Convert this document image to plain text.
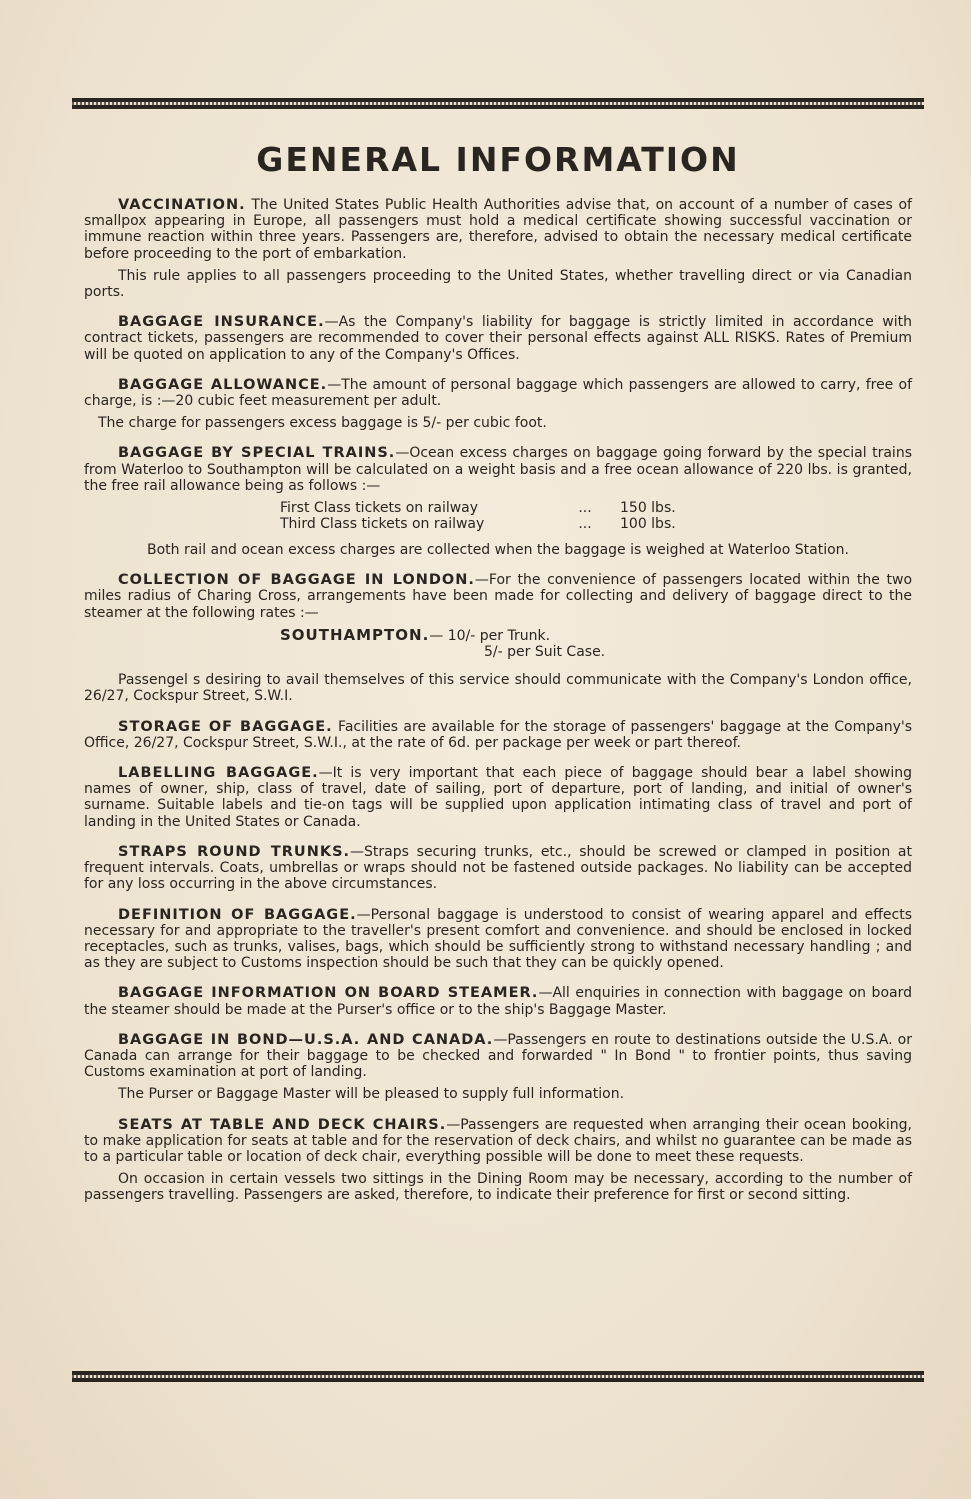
GENERAL INFORMATION

VACCINATION. The United States Public Health Authorities advise that, on account of a number of cases of smallpox appearing in Europe, all passengers must hold a medical certificate showing successful vaccination or immune reaction within three years. Passengers are, therefore, advised to obtain the necessary medical certificate before proceeding to the port of embarkation.

This rule applies to all passengers proceeding to the United States, whether travelling direct or via Canadian ports.

BAGGAGE INSURANCE.—As the Company's liability for baggage is strictly limited in accordance with contract tickets, passengers are recommended to cover their personal effects against ALL RISKS. Rates of Premium will be quoted on application to any of the Company's Offices.

BAGGAGE ALLOWANCE.—The amount of personal baggage which passengers are allowed to carry, free of charge, is :—20 cubic feet measurement per adult.

The charge for passengers excess baggage is 5/- per cubic foot.

BAGGAGE BY SPECIAL TRAINS.—Ocean excess charges on baggage going forward by the special trains from Waterloo to Southampton will be calculated on a weight basis and a free ocean allowance of 220 lbs. is granted, the free rail allowance being as follows :—

First Class tickets on railway	...	150 lbs.
Third Class tickets on railway	...	100 lbs.

Both rail and ocean excess charges are collected when the baggage is weighed at Waterloo Station.

COLLECTION OF BAGGAGE IN LONDON.—For the convenience of passengers located within the two miles radius of Charing Cross, arrangements have been made for collecting and delivery of baggage direct to the steamer at the following rates :—

SOUTHAMPTON.— 10/- per Trunk.
5/- per Suit Case.

Passengel s desiring to avail themselves of this service should communicate with the Company's London office, 26/27, Cockspur Street, S.W.I.

STORAGE OF BAGGAGE. Facilities are available for the storage of passengers' baggage at the Company's Office, 26/27, Cockspur Street, S.W.I., at the rate of 6d. per package per week or part thereof.

LABELLING BAGGAGE.—It is very important that each piece of baggage should bear a label showing names of owner, ship, class of travel, date of sailing, port of departure, port of landing, and initial of owner's surname. Suitable labels and tie-on tags will be supplied upon application intimating class of travel and port of landing in the United States or Canada.

STRAPS ROUND TRUNKS.—Straps securing trunks, etc., should be screwed or clamped in position at frequent intervals. Coats, umbrellas or wraps should not be fastened outside packages. No liability can be accepted for any loss occurring in the above circumstances.

DEFINITION OF BAGGAGE.—Personal baggage is understood to consist of wearing apparel and effects necessary for and appropriate to the traveller's present comfort and convenience. and should be enclosed in locked receptacles, such as trunks, valises, bags, which should be sufficiently strong to withstand necessary handling ; and as they are subject to Customs inspection should be such that they can be quickly opened.

BAGGAGE INFORMATION ON BOARD STEAMER.—All enquiries in connection with baggage on board the steamer should be made at the Purser's office or to the ship's Baggage Master.

BAGGAGE IN BOND—U.S.A. AND CANADA.—Passengers en route to destinations outside the U.S.A. or Canada can arrange for their baggage to be checked and forwarded " In Bond " to frontier points, thus saving Customs examination at port of landing.

The Purser or Baggage Master will be pleased to supply full information.

SEATS AT TABLE AND DECK CHAIRS.—Passengers are requested when arranging their ocean booking, to make application for seats at table and for the reservation of deck chairs, and whilst no guarantee can be made as to a particular table or location of deck chair, everything possible will be done to meet these requests.

On occasion in certain vessels two sittings in the Dining Room may be necessary, according to the number of passengers travelling. Passengers are asked, therefore, to indicate their preference for first or second sitting.
